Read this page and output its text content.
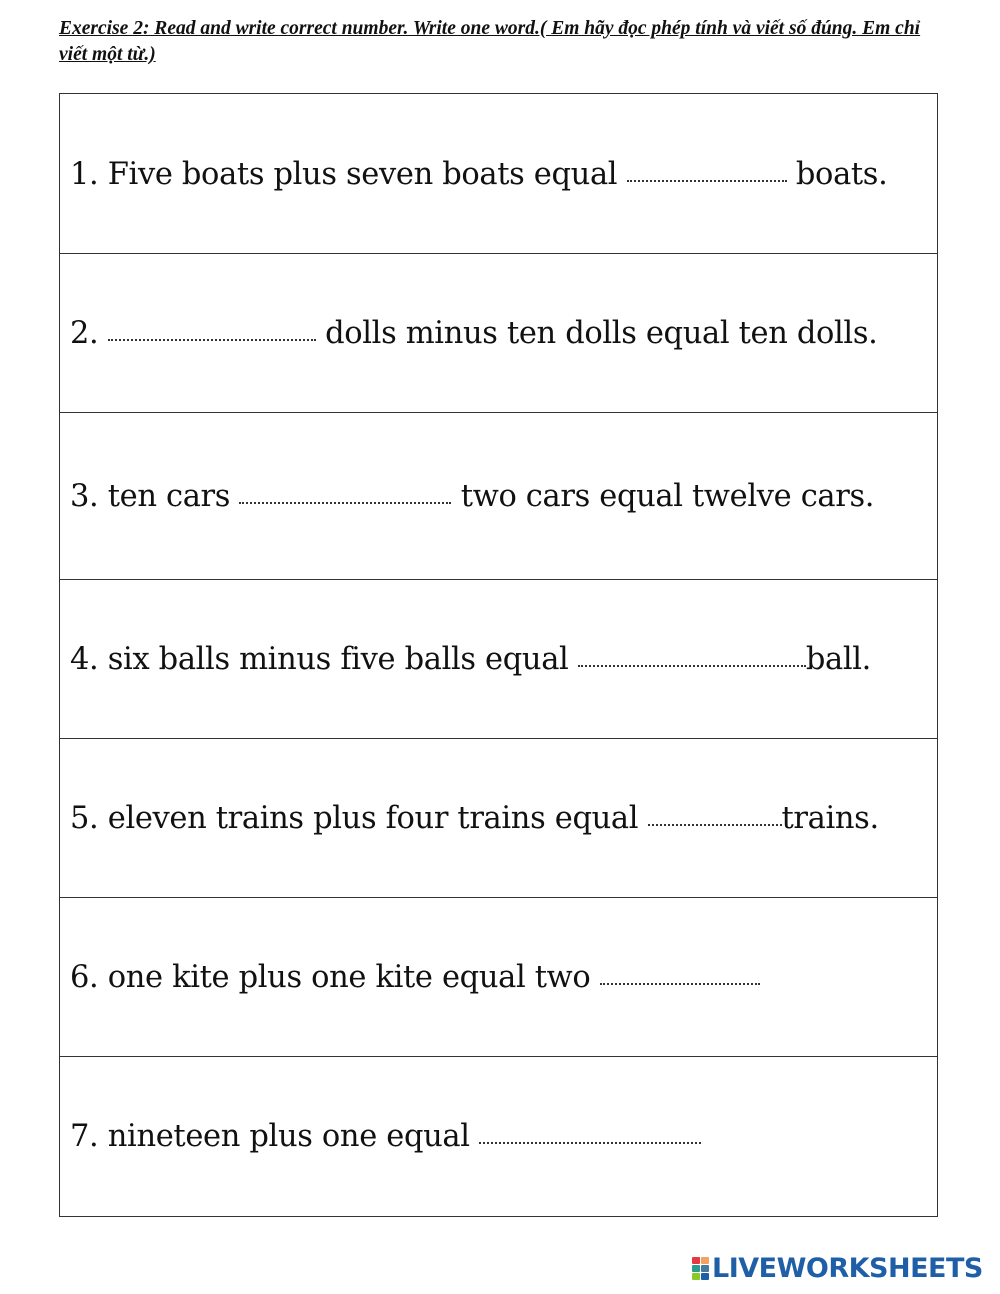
Exercise 2: Read and write correct number. Write one word.( Em hãy đọc phép tính và viết số đúng. Em chỉ viết một từ.)
1. Five boats plus seven boats equal	boats.
2.	dolls minus ten dolls equal ten dolls.
3. ten cars	two cars equal twelve cars.
4. six balls minus five balls equal	ball.
5. eleven trains plus four trains equal	trains.
6. one kite plus one kite equal two
7. nineteen plus one equal
LIVEWORKSHEETS
